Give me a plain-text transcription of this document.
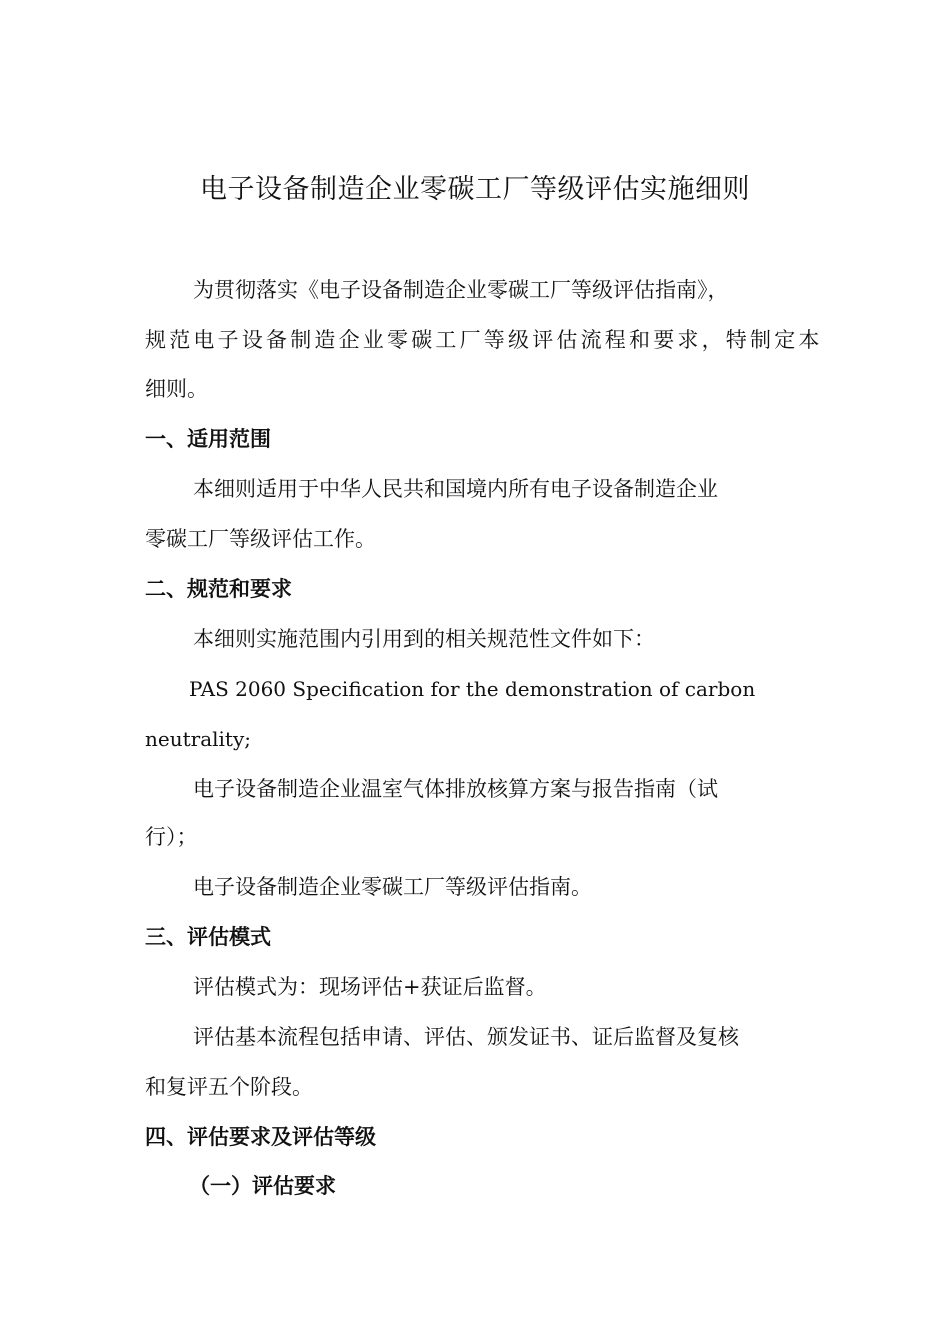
电子设备制造企业零碳工厂等级评估实施细则
为贯彻落实《电子设备制造企业零碳工厂等级评估指南》，
规范电子设备制造企业零碳工厂等级评估流程和要求，特制定本
细则。
一、适用范围
本细则适用于中华人民共和国境内所有电子设备制造企业
零碳工厂等级评估工作。
二、规范和要求
本细则实施范围内引用到的相关规范性文件如下：
PAS 2060 Specification for the demonstration of carbon
neutrality;
电子设备制造企业温室气体排放核算方案与报告指南（试
行）；
电子设备制造企业零碳工厂等级评估指南。
三、评估模式
评估模式为：现场评估+获证后监督。
评估基本流程包括申请、评估、颁发证书、证后监督及复核
和复评五个阶段。
四、评估要求及评估等级
（一）评估要求
